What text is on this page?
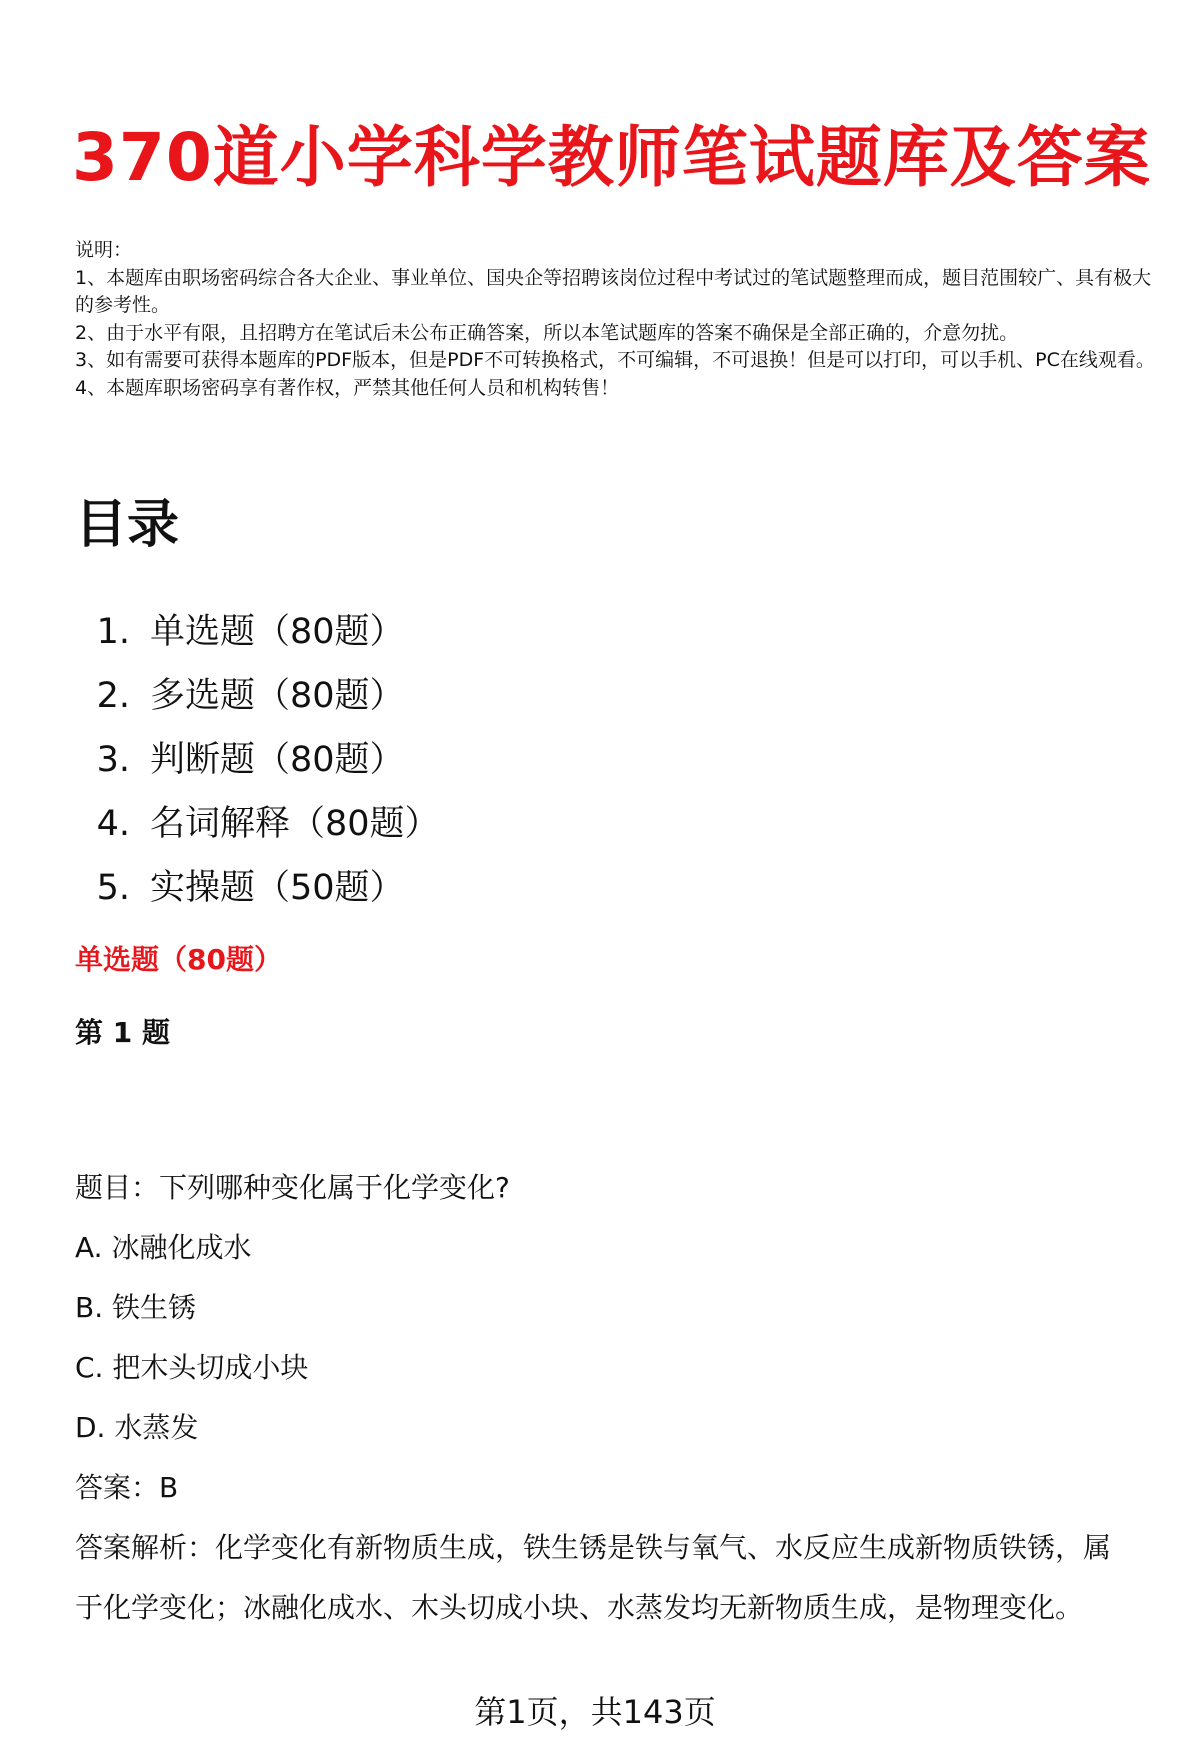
370道小学科学教师笔试题库及答案

说明：

1、本题库由职场密码综合各大企业、事业单位、国央企等招聘该岗位过程中考试过的笔试题整理而成，题目范围较广、具有极大的参考性。

2、由于水平有限，且招聘方在笔试后未公布正确答案，所以本笔试题库的答案不确保是全部正确的，介意勿扰。

3、如有需要可获得本题库的PDF版本，但是PDF不可转换格式，不可编辑，不可退换！但是可以打印，可以手机、PC在线观看。

4、本题库职场密码享有著作权，严禁其他任何人员和机构转售！

目录
1. 单选题（80题）
2. 多选题（80题）
3. 判断题（80题）
4. 名词解释（80题）
5. 实操题（50题）
单选题（80题）
第 1 题
题目：下列哪种变化属于化学变化?
A. 冰融化成水
B. 铁生锈
C. 把木头切成小块
D. 水蒸发
答案：B
答案解析：化学变化有新物质生成，铁生锈是铁与氧气、水反应生成新物质铁锈，属于化学变化；冰融化成水、木头切成小块、水蒸发均无新物质生成，是物理变化。
第1页，共143页
